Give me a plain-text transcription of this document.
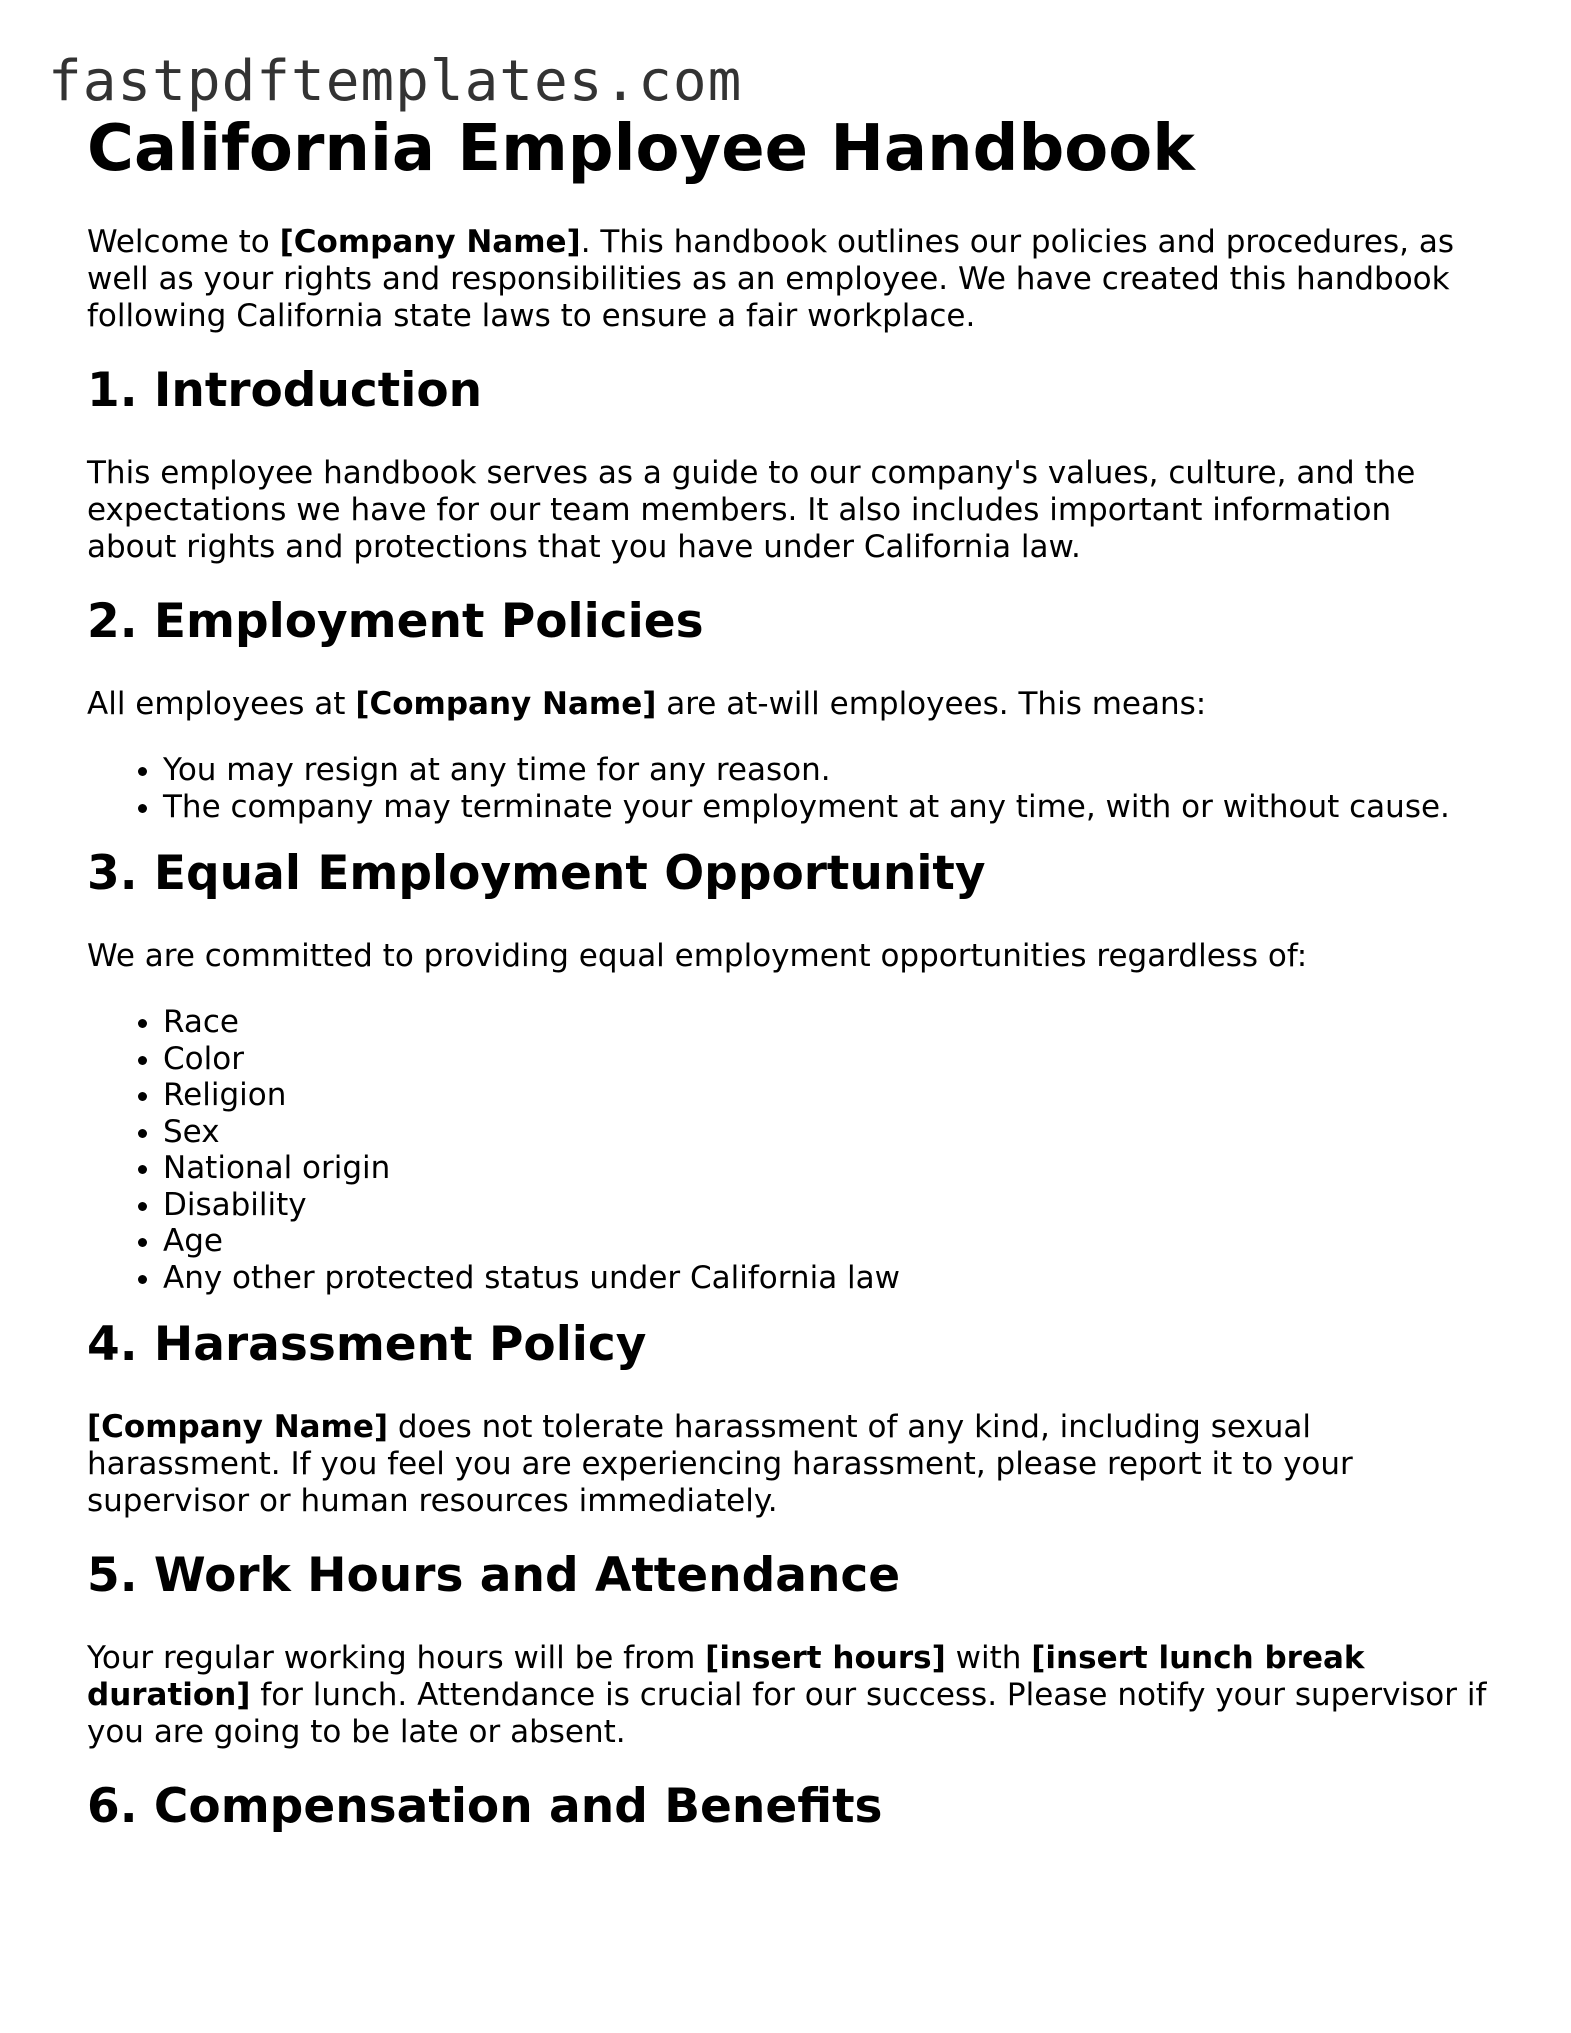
fastpdftemplates.com
California Employee Handbook

Welcome to [Company Name]. This handbook outlines our policies and procedures, as well as your rights and responsibilities as an employee. We have created this handbook following California state laws to ensure a fair workplace.

1. Introduction

This employee handbook serves as a guide to our company's values, culture, and the expectations we have for our team members. It also includes important information about rights and protections that you have under California law.

2. Employment Policies

All employees at [Company Name] are at-will employees. This means:

• You may resign at any time for any reason.
• The company may terminate your employment at any time, with or without cause.
3. Equal Employment Opportunity

We are committed to providing equal employment opportunities regardless of:

• Race
• Color
• Religion
• Sex
• National origin
• Disability
• Age
• Any other protected status under California law
4. Harassment Policy

[Company Name] does not tolerate harassment of any kind, including sexual harassment. If you feel you are experiencing harassment, please report it to your supervisor or human resources immediately.

5. Work Hours and Attendance

Your regular working hours will be from [insert hours] with [insert lunch break duration] for lunch. Attendance is crucial for our success. Please notify your supervisor if you are going to be late or absent.

6. Compensation and Benefits
